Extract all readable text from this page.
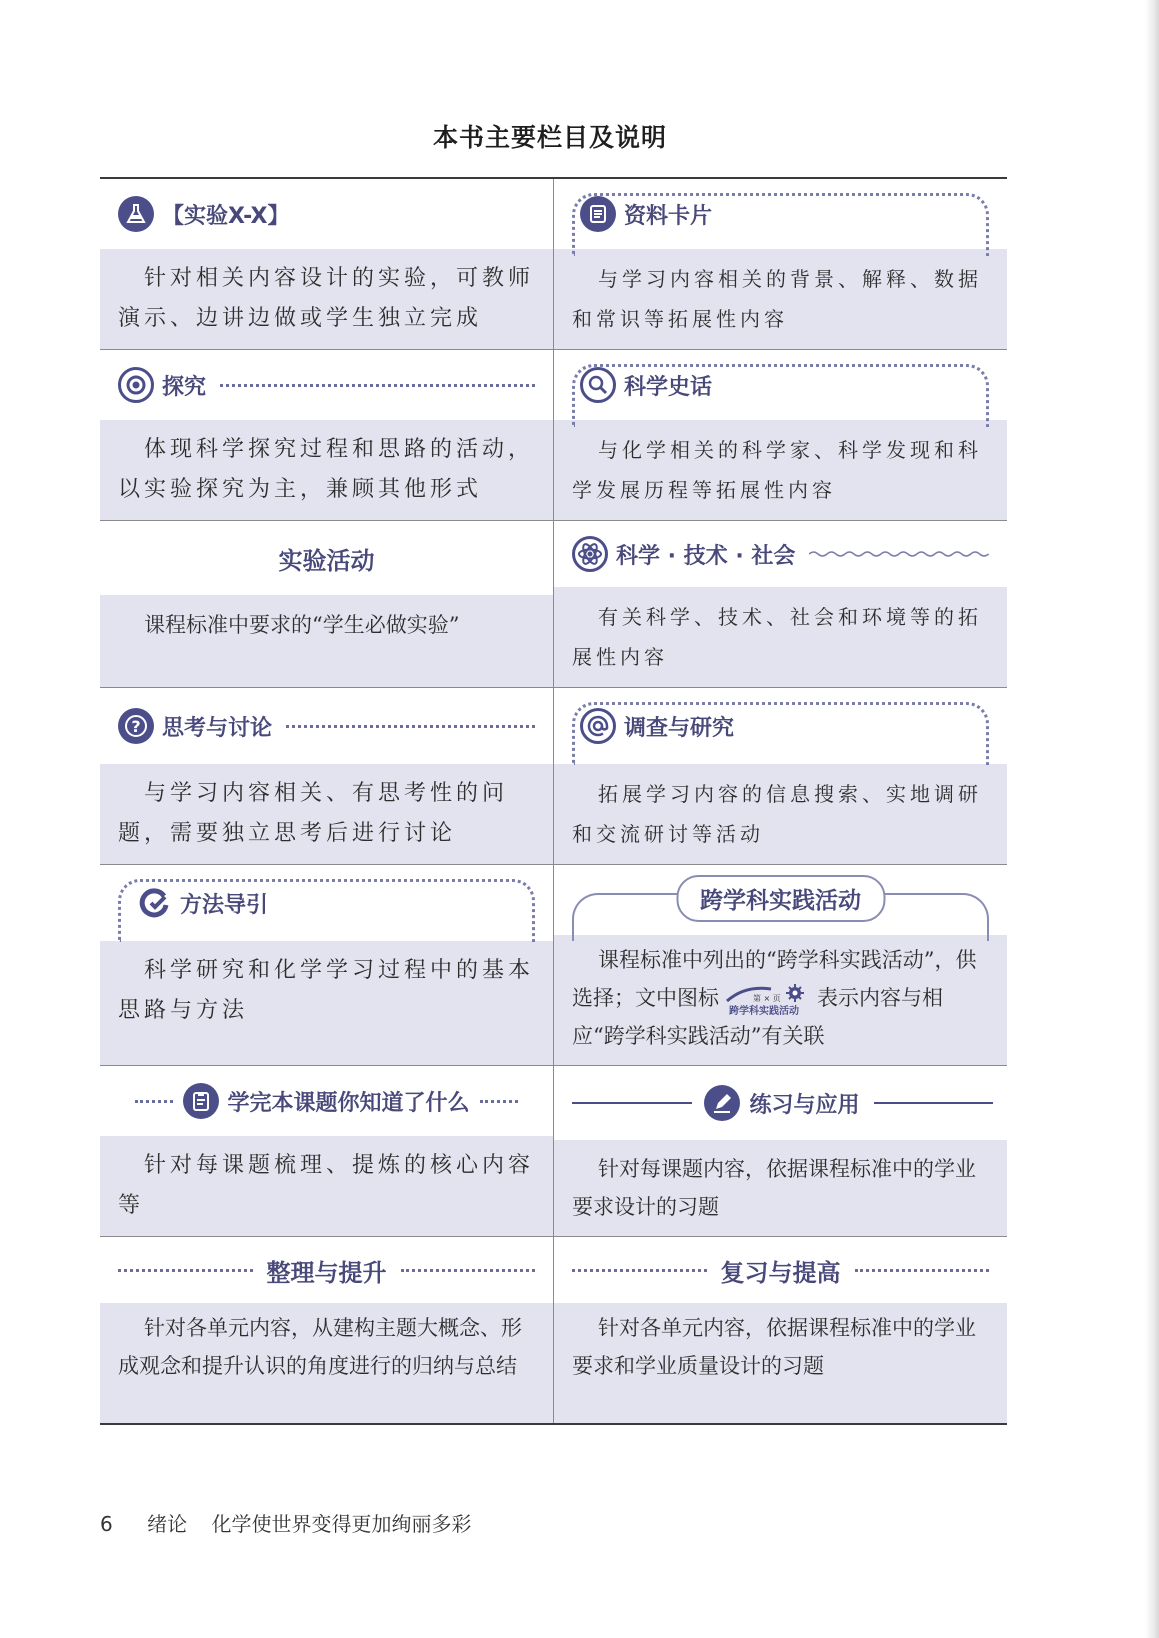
本书主要栏目及说明
【实验X-X】
针对相关内容设计的实验，可教师演示、边讲边做或学生独立完成
资料卡片
与学习内容相关的背景、解释、数据和常识等拓展性内容
探究
体现科学探究过程和思路的活动，以实验探究为主，兼顾其他形式
科学史话
与化学相关的科学家、科学发现和科学发展历程等拓展性内容
实验活动
课程标准中要求的“学生必做实验”
科学 · 技术 · 社会
有关科学、技术、社会和环境等的拓展性内容
? 思考与讨论
与学习内容相关、有思考性的问题，需要独立思考后进行讨论
调查与研究
拓展学习内容的信息搜索、实地调研和交流研讨等活动
方法导引
科学研究和化学学习过程中的基本思路与方法
跨学科实践活动
课程标准中列出的“跨学科实践活动”，供选择；文中图标	第 × 页
跨学科实践活动
表示内容与相应“跨学科实践活动”有关联
学完本课题你知道了什么
针对每课题梳理、提炼的核心内容等
练习与应用
针对每课题内容，依据课程标准中的学业要求设计的习题
整理与提升
针对各单元内容，从建构主题大概念、形成观念和提升认识的角度进行的归纳与总结
复习与提高
针对各单元内容，依据课程标准中的学业要求和学业质量设计的习题
6 绪论 化学使世界变得更加绚丽多彩
